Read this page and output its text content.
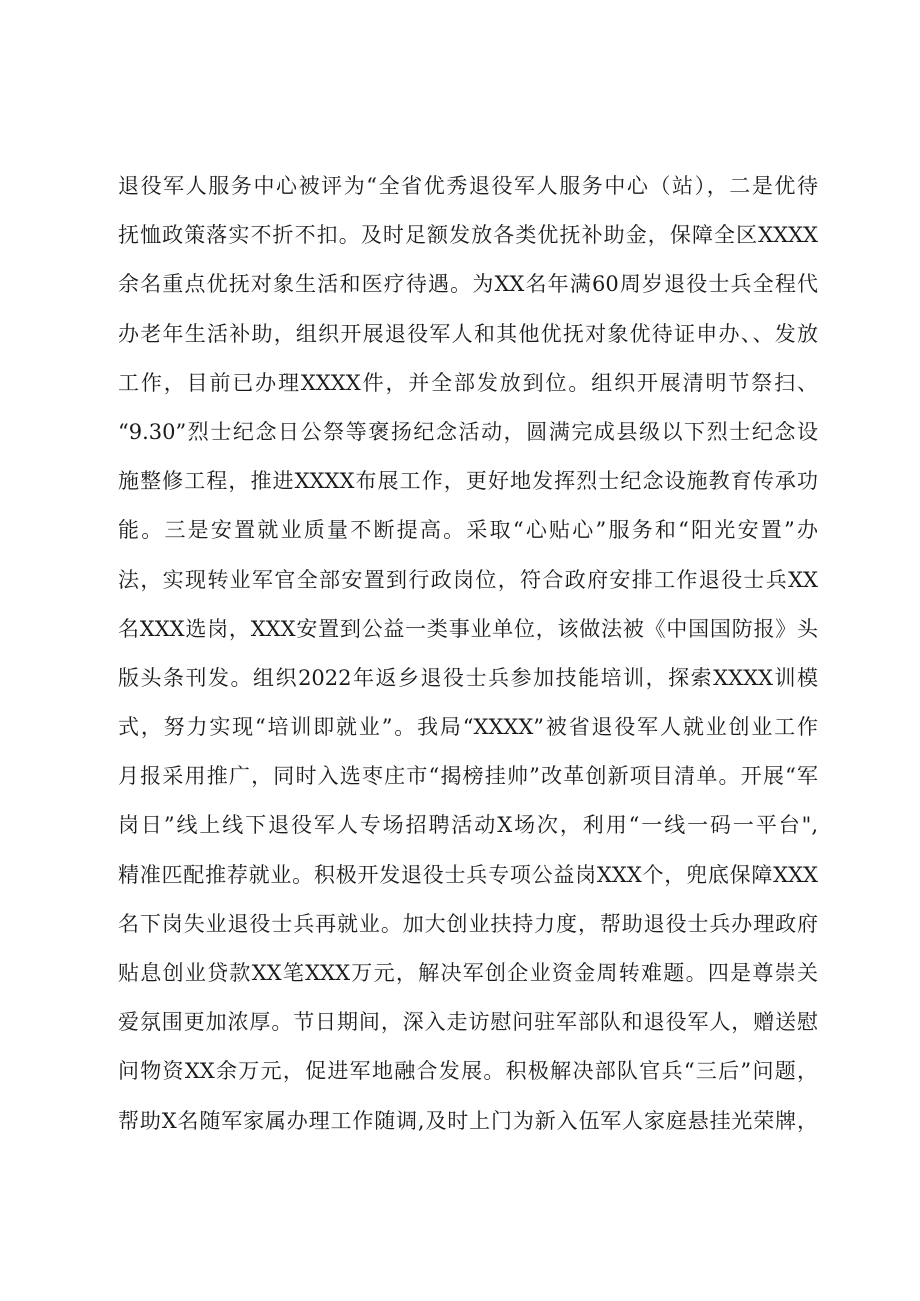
退役军人服务中心被评为“全省优秀退役军人服务中心（站），二是优待
抚恤政策落实不折不扣。及时足额发放各类优抚补助金，保障全区XXXX
余名重点优抚对象生活和医疗待遇。为XX名年满60周岁退役士兵全程代
办老年生活补助，组织开展退役军人和其他优抚对象优待证申办、、发放
工作，目前已办理XXXX件，并全部发放到位。组织开展清明节祭扫、
“9.30”烈士纪念日公祭等褒扬纪念活动，圆满完成县级以下烈士纪念设
施整修工程，推进XXXX布展工作，更好地发挥烈士纪念设施教育传承功
能。三是安置就业质量不断提高。采取“心贴心”服务和“阳光安置”办
法，实现转业军官全部安置到行政岗位，符合政府安排工作退役士兵XX
名XXX选岗，XXX安置到公益一类事业单位，该做法被《中国国防报》头
版头条刊发。组织2022年返乡退役士兵参加技能培训，探索XXXX训模
式，努力实现“培训即就业”。我局“XXXX”被省退役军人就业创业工作
月报采用推广，同时入选枣庄市“揭榜挂帅”改革创新项目清单。开展“军
岗日”线上线下退役军人专场招聘活动X场次，利用“一线一码一平台",
精准匹配推荐就业。积极开发退役士兵专项公益岗XXX个，兜底保障XXX
名下岗失业退役士兵再就业。加大创业扶持力度，帮助退役士兵办理政府
贴息创业贷款XX笔XXX万元，解决军创企业资金周转难题。四是尊崇关
爱氛围更加浓厚。节日期间，深入走访慰问驻军部队和退役军人，赠送慰
问物资XX余万元，促进军地融合发展。积极解决部队官兵“三后”问题，
帮助X名随军家属办理工作随调,及时上门为新入伍军人家庭悬挂光荣牌，
